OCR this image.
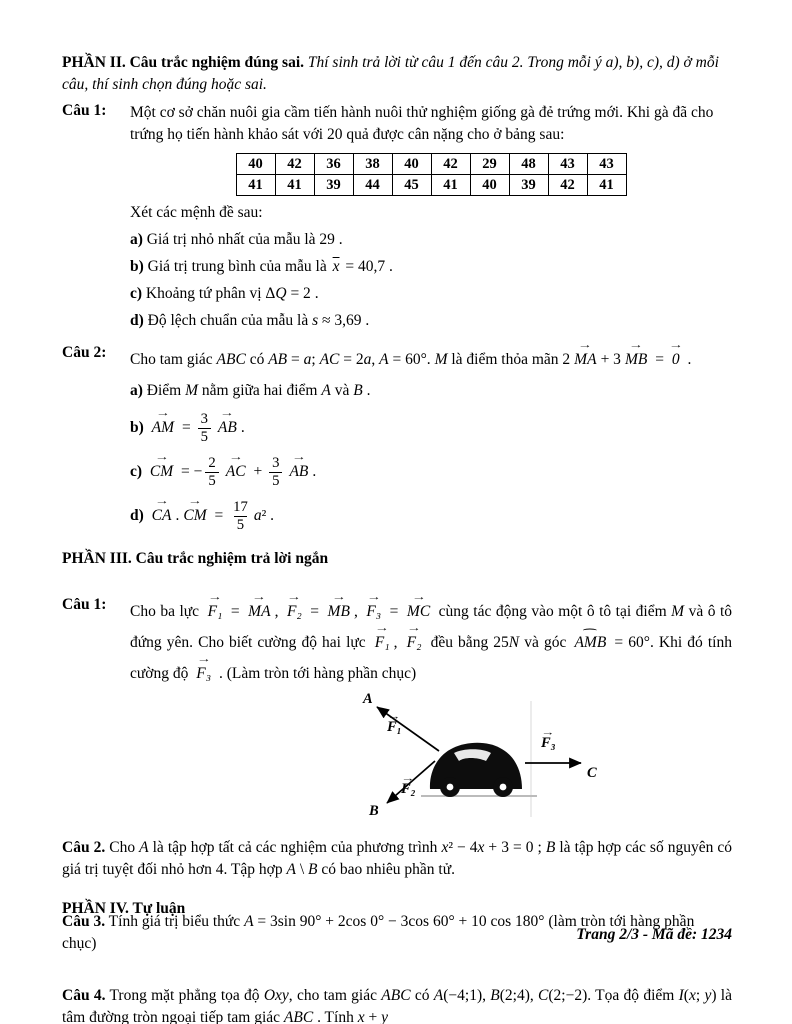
PHẦN II. Câu trắc nghiệm đúng sai. Thí sinh trả lời từ câu 1 đến câu 2. Trong mỗi ý a), b), c), d) ở mỗi câu, thí sinh chọn đúng hoặc sai.

Câu 1:	Một cơ sở chăn nuôi gia cầm tiến hành nuôi thử nghiệm giống gà đẻ trứng mới. Khi gà đã cho trứng họ tiến hành khảo sát với 20 quả được cân nặng cho ở bảng sau:

40	42	36	38	40	42	29	48	43	43
41	41	39	44	45	41	40	39	42	41

Xét các mệnh đề sau:

a) Giá trị nhỏ nhất của mẫu là 29 .

b) Giá trị trung bình của mẫu là $\overline{x} = 40,7$ .

c) Khoảng tứ phân vị ΔQ = 2 .

d) Độ lệch chuẩn của mẫu là s ≈ 3,69 .

Câu 2:	Cho tam giác ABC có AB = a; AC = 2a, A = 60°. M là điểm thỏa mãn 2 → MA + 3 → MB = → 0 .

a) Điểm M nằm giữa hai điểm A và B .

b) → AM = $\frac{3}{5}$ → AB .

c) → CM = − $\frac{2}{5}$ → AC + $\frac{3}{5}$ → AB .

d) → CA . → CM = $\frac{17}{5} a^2$ .

PHẦN III. Câu trắc nghiệm trả lời ngắn

Câu 1:	Cho ba lực → F₁ = → MA , → F₂ = → MB , → F₃ = → MC cùng tác động vào một ô tô tại điểm M và ô tô đứng yên. Cho biết cường độ hai lực → F₁ , → F₂ đều bằng 25N và góc ⌢ AMB = 60°. Khi đó tính cường độ → F₃ . (Làm tròn tới hàng phần chục)

A
→ F₁
B
→ F₂
→ F₃
C

Câu 2. Cho A là tập hợp tất cả các nghiệm của phương trình x² − 4x + 3 = 0 ; B là tập hợp các số nguyên có giá trị tuyệt đối nhỏ hơn 4. Tập hợp A \ B có bao nhiêu phần tử.

Câu 3. Tính giá trị biểu thức A = 3sin 90° + 2cos 0° − 3cos 60° + 10 cos 180° (làm tròn tới hàng phần chục)

Câu 4. Trong mặt phẳng tọa độ Oxy, cho tam giác ABC có A(−4;1), B(2;4), C(2;−2). Tọa độ điểm I(x; y) là tâm đường tròn ngoại tiếp tam giác ABC . Tính x + y

PHẦN IV. Tự luận

Trang 2/3 - Mã đề: 1234
